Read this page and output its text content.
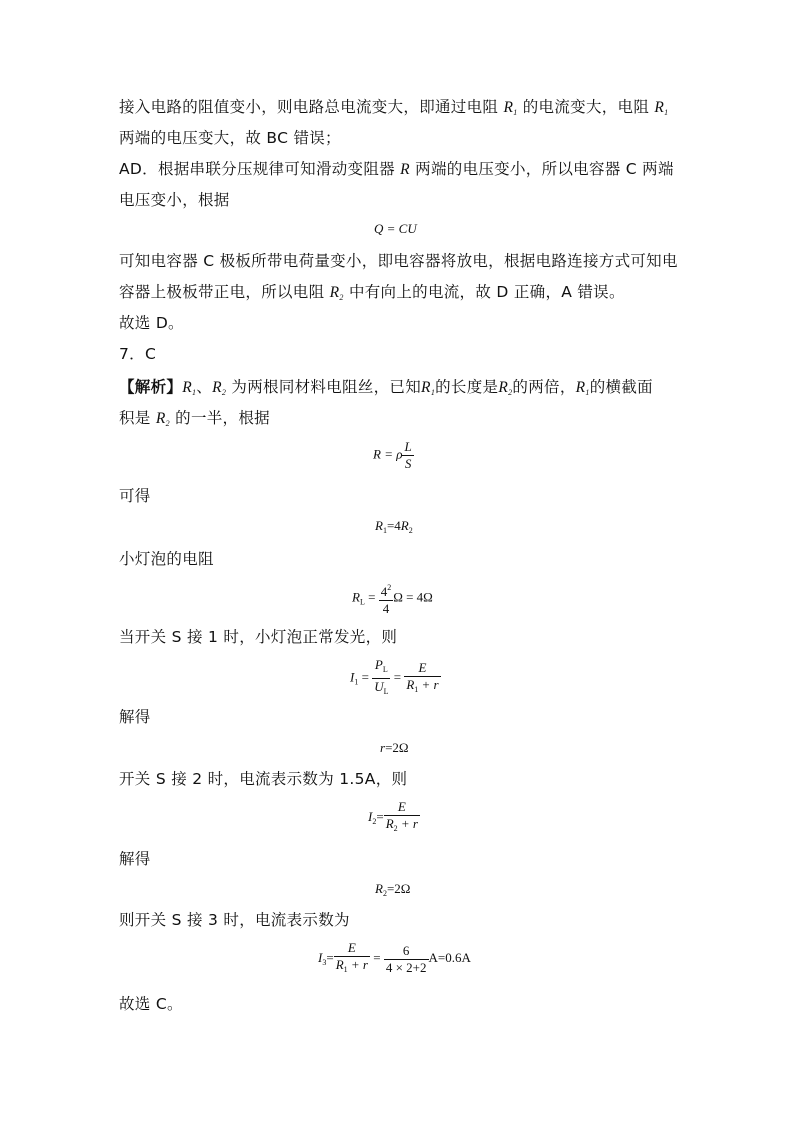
接入电路的阻值变小，则电路总电流变大，即通过电阻 $R_1$ 的电流变大，电阻 $R_1$
两端的电压变大，故 BC 错误；
AD．根据串联分压规律可知滑动变阻器 R 两端的电压变小，所以电容器 C 两端
电压变小，根据
Q = CU
可知电容器 C 极板所带电荷量变小，即电容器将放电，根据电路连接方式可知电
容器上极板带正电，所以电阻 $R_2$ 中有向上的电流，故 D 正确，A 错误。
故选 D。
7．C
【解析】$R_1$、$R_2$ 为两根同材料电阻丝，已知$R_1$的长度是$R_2$的两倍，$R_1$的横截面
积是 $R_2$ 的一半，根据
R = ρ $\frac{L}{S}$
可得
$R_1=4R_2$
小灯泡的电阻
$R_L = \frac{4^2}{4}$ Ω = 4Ω
当开关 S 接 1 时，小灯泡正常发光，则
$I_1 = \frac{P_L}{U_L} = \frac{E}{R_1 + r}$
解得
r=2Ω
开关 S 接 2 时，电流表示数为 1.5A，则
$I_2= \frac{E}{R_2 + r}$
解得
$R_2=2\Omega$
则开关 S 接 3 时，电流表示数为
$I_3= \frac{E}{R_1 + r} = \frac{6}{4 \times 2+2} A=0.6A$
故选 C。
